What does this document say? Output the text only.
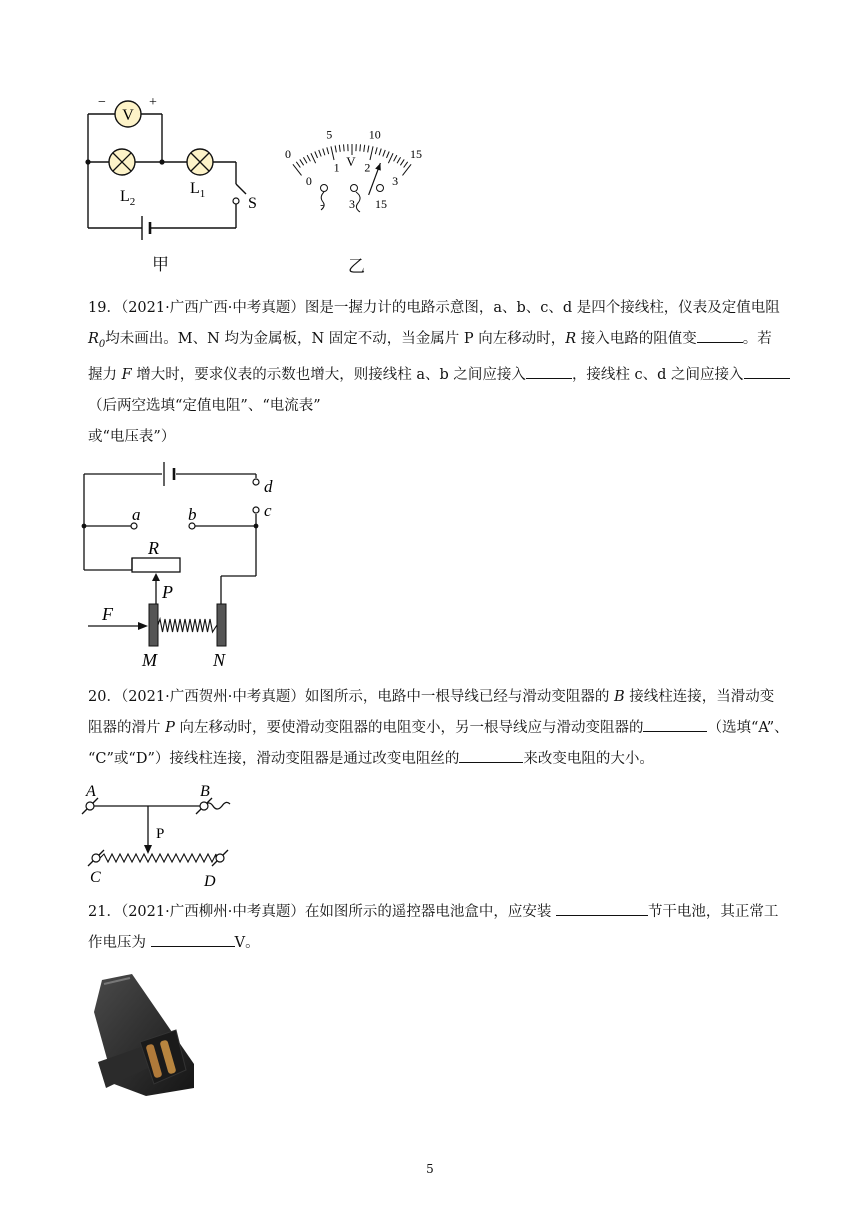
V
−	+
$L_2$
$L_1$
S
甲
0
5	10
15
0
1 2
3
V
- 3 15
乙

19．（2021·广西广西·中考真题）图是一握力计的电路示意图，a、b、c、d 是四个接线柱，仪表及定值电阻

$R_0$均未画出。M、N 均为金属板，N 固定不动，当金属片 P 向左移动时，R 接入电路的阻值变	。若

握力 F 增大时，要求仪表的示数也增大，则接线柱 a、b 之间应接入	，接线柱 c、d 之间应接入

（后两空选填“定值电阻”、“电流表”

或“电压表”）

d
a	b	c
R
P
F
M	N

20．（2021·广西贺州·中考真题）如图所示，电路中一根导线已经与滑动变阻器的 B 接线柱连接，当滑动变

阻器的滑片 P 向左移动时，要使滑动变阻器的电阻变小，另一根导线应与滑动变阻器的	（选填“A”、

“C”或“D”）接线柱连接，滑动变阻器是通过改变电阻丝的	来改变电阻的大小。

A	B
P
C	D

21．（2021·广西柳州·中考真题）在如图所示的遥控器电池盒中，应安装	节干电池，其正常工

作电压为	V。

5
